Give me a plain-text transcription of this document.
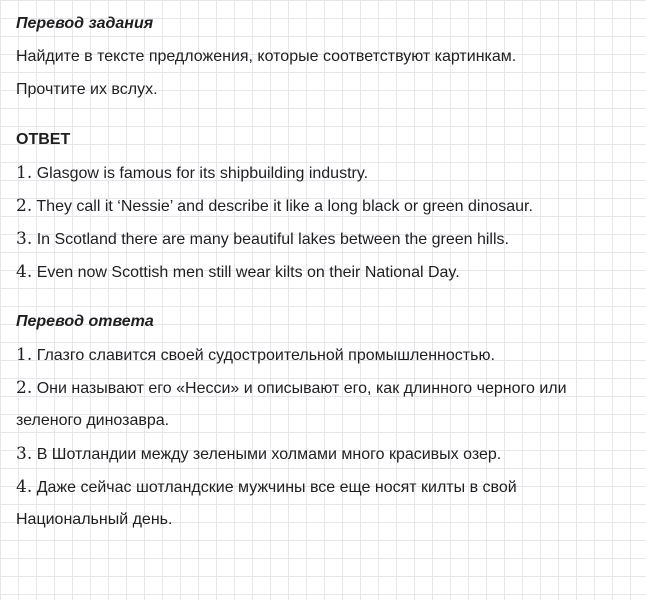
Перевод задания
Найдите в тексте предложения, которые соответствуют картинкам.
Прочтите их вслух.
ОТВЕТ
1. Glasgow is famous for its shipbuilding industry.
2. They call it ‘Nessie’ and describe it like a long black or green dinosaur.
3. In Scotland there are many beautiful lakes between the green hills.
4. Even now Scottish men still wear kilts on their National Day.
Перевод ответа
1. Глазго славится своей судостроительной промышленностью.
2. Они называют его «Несси» и описывают его, как длинного черного или
зеленого динозавра.
3. В Шотландии между зелеными холмами много красивых озер.
4. Даже сейчас шотландские мужчины все еще носят килты в свой
Национальный день.
